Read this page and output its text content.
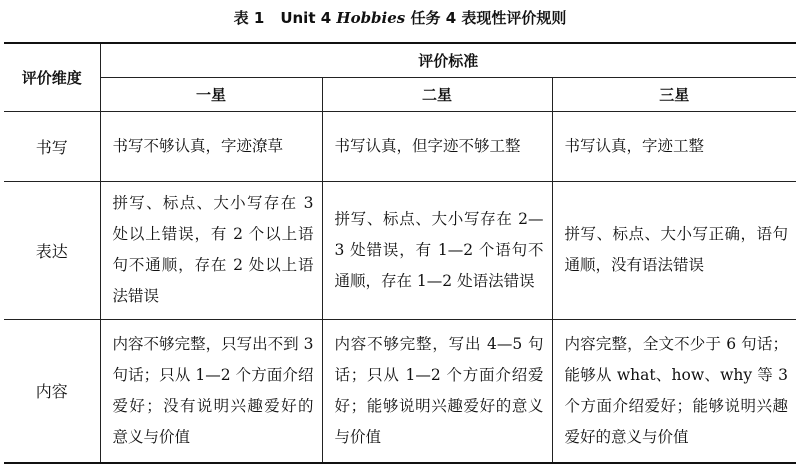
表 1 Unit 4 Hobbies 任务 4 表现性评价规则
评价维度	评价标准		
	一星	二星	三星
书写	书写不够认真，字迹潦草	书写认真，但字迹不够工整	书写认真，字迹工整
表达	拼写、标点、大小写存在 3 处以上错误，有 2 个以上语句不通顺，存在 2 处以上语法错误	拼写、标点、大小写存在 2—3 处错误，有 1—2 个语句不通顺，存在 1—2 处语法错误	拼写、标点、大小写正确，语句通顺，没有语法错误
内容	内容不够完整，只写出不到 3 句话；只从 1—2 个方面介绍爱好；没有说明兴趣爱好的意义与价值	内容不够完整，写出 4—5 句话；只从 1—2 个方面介绍爱好；能够说明兴趣爱好的意义与价值	内容完整，全文不少于 6 句话；能够从 what、how、why 等 3 个方面介绍爱好；能够说明兴趣爱好的意义与价值
